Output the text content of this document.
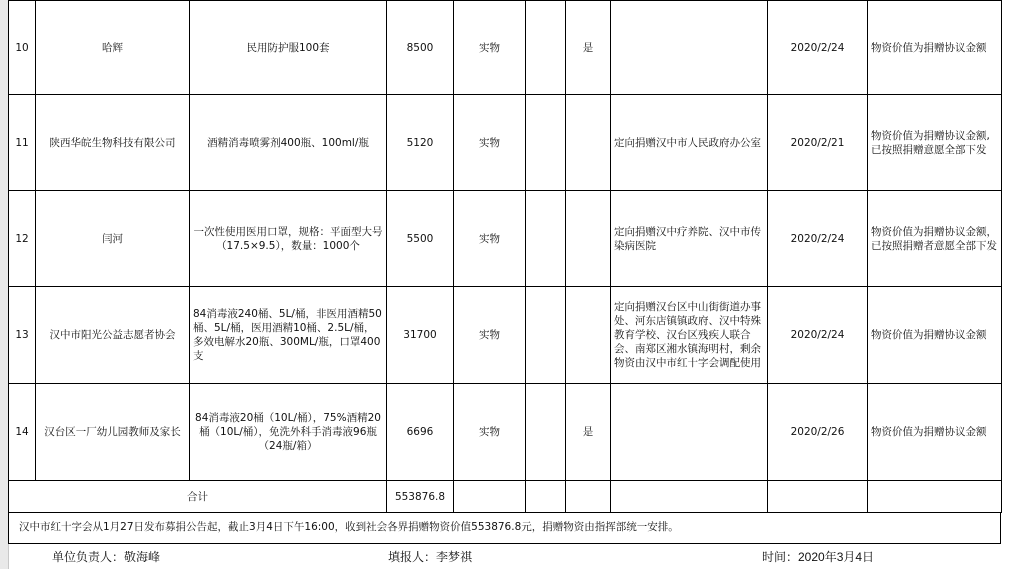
10	哈辉	民用防护服100套	8500	实物		是		2020/2/24	物资价值为捐赠协议金额
11	陕西华皖生物科技有限公司	酒精消毒喷雾剂400瓶、100ml/瓶	5120	实物			定向捐赠汉中市人民政府办公室	2020/2/21	物资价值为捐赠协议金额,已按照捐赠意愿全部下发
12	闫河	一次性使用医用口罩，规格：平面型大号（17.5×9.5），数量：1000个	5500	实物			定向捐赠汉中疗养院、汉中市传染病医院	2020/2/24	物资价值为捐赠协议金额，已按照捐赠者意愿全部下发
13	汉中市阳光公益志愿者协会	84消毒液240桶、5L/桶，非医用酒精50桶、5L/桶，医用酒精10桶、2.5L/桶，多效电解水20瓶、300ML/瓶，口罩400支	31700	实物			定向捐赠汉台区中山街街道办事处、河东店镇镇政府、汉中特殊教育学校、汉台区残疾人联合会、南郑区湘水镇海明村，剩余物资由汉中市红十字会调配使用	2020/2/24	物资价值为捐赠协议金额
14	汉台区一厂幼儿园教师及家长	84消毒液20桶（10L/桶），75%酒精20桶（10L/桶），免洗外科手消毒液96瓶（24瓶/箱）	6696	实物		是		2020/2/26	物资价值为捐赠协议金额
合计			553876.8						
汉中市红十字会从1月27日发布募捐公告起，截止3月4日下午16:00，收到社会各界捐赠物资价值553876.8元，捐赠物资由指挥部统一安排。
单位负责人：敬海峰	填报人：李梦祺	时间：2020年3月4日
